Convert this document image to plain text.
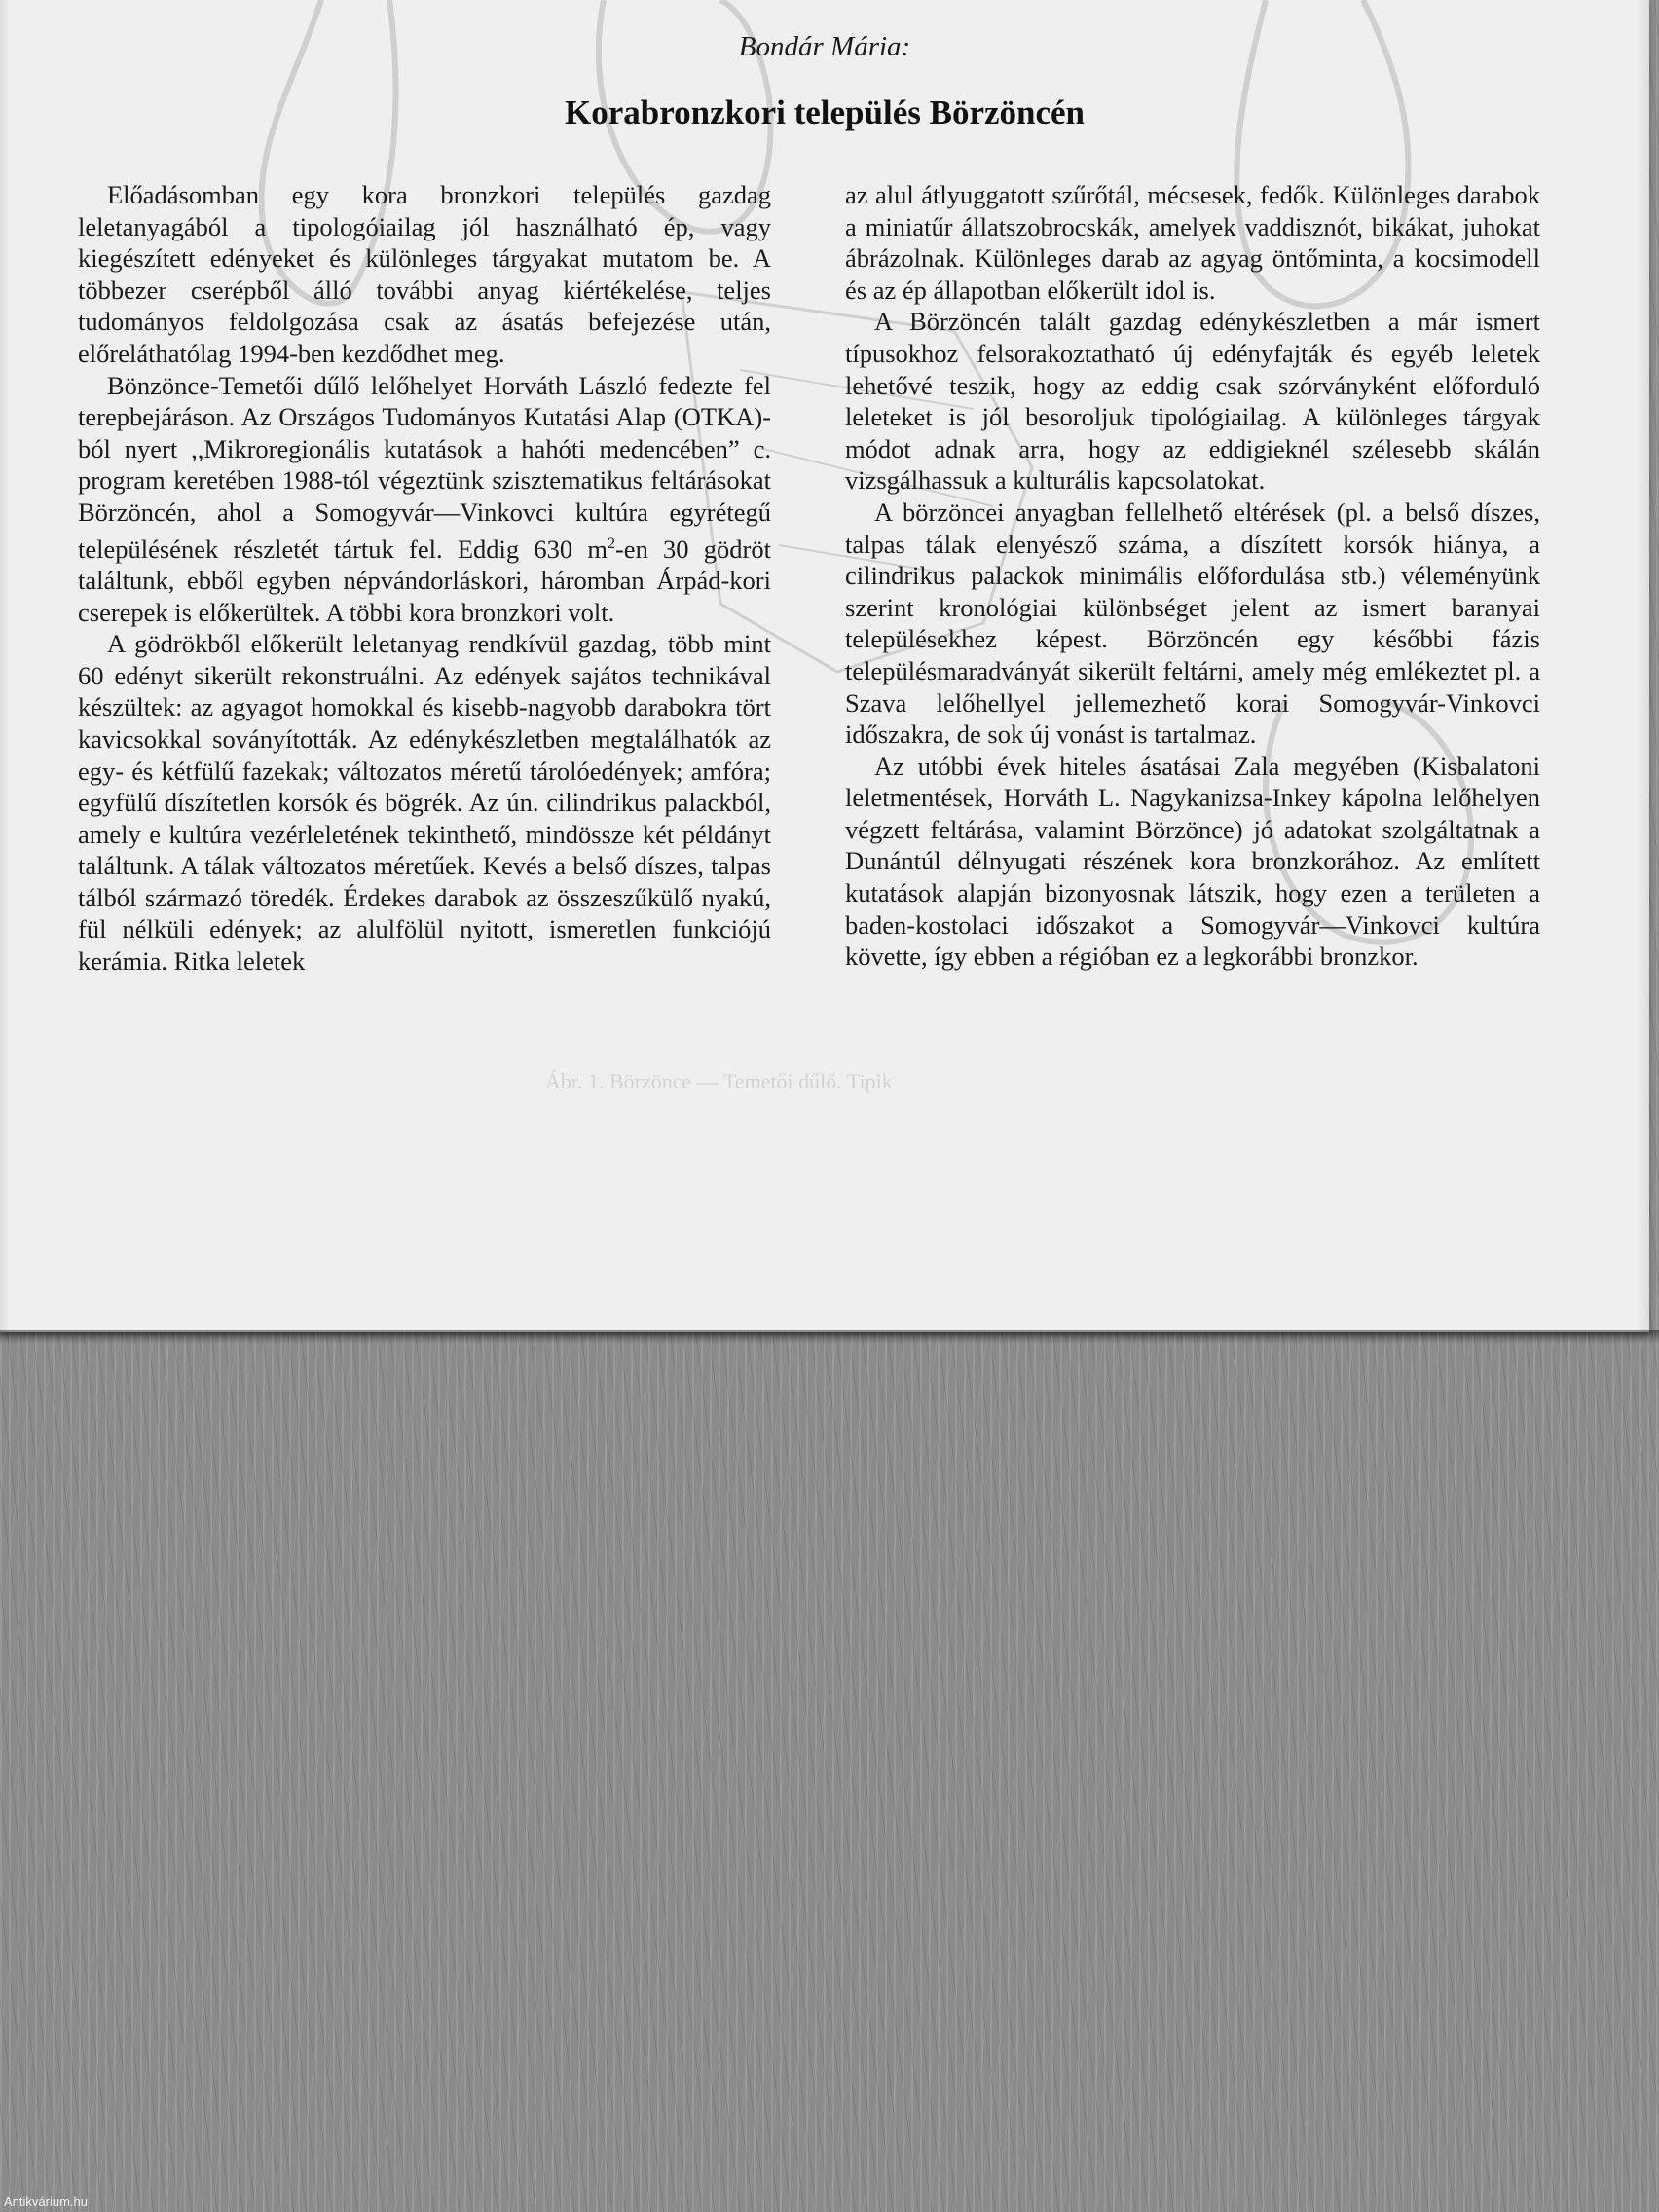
Bondár Mária:
Korabronzkori település Börzöncén

Előadásomban egy kora bronzkori település gazdag leletanyagából a tipologóiailag jól használható ép, vagy kiegészített edényeket és különleges tárgyakat mutatom be. A többezer cserépből álló további anyag kiértékelése, teljes tudományos feldolgozása csak az ásatás befejezése után, előreláthatólag 1994-ben kezdődhet meg.

Bönzönce-Temetői dűlő lelőhelyet Horváth László fedezte fel terepbejáráson. Az Országos Tudományos Kutatási Alap (OTKA)-ból nyert ,,Mikroregionális kutatások a hahóti medencében” c. program keretében 1988-tól végeztünk szisztematikus feltárásokat Börzöncén, ahol a Somogyvár—Vinkovci kultúra egyrétegű településének részletét tártuk fel. Eddig 630 $m^2-en$ 30 gödröt találtunk, ebből egyben népvándorláskori, háromban Árpád-kori cserepek is előkerültek. A többi kora bronzkori volt.

A gödrökből előkerült leletanyag rendkívül gazdag, több mint 60 edényt sikerült rekonstruálni. Az edények sajátos technikával készültek: az agyagot homokkal és kisebb-nagyobb darabokra tört kavicsokkal soványították. Az edénykészletben megtalálhatók az egy- és kétfülű fazekak; változatos méretű tárolóedények; amfóra; egyfülű díszítetlen korsók és bögrék. Az ún. cilindrikus palackból, amely e kultúra vezérleletének tekinthető, mindössze két példányt találtunk. A tálak változatos méretűek. Kevés a belső díszes, talpas tálból származó töredék. Érdekes darabok az összeszűkülő nyakú, fül nélküli edények; az alulfölül nyitott, ismeretlen funkciójú kerámia. Ritka leletek

az alul átlyuggatott szűrőtál, mécsesek, fedők. Különleges darabok a miniatűr állatszobrocskák, amelyek vaddisznót, bikákat, juhokat ábrázolnak. Különleges darab az agyag öntőminta, a kocsimodell és az ép állapotban előkerült idol is.

A Börzöncén talált gazdag edénykészletben a már ismert típusokhoz felsorakoztatható új edényfajták és egyéb leletek lehetővé teszik, hogy az eddig csak szórványként előforduló leleteket is jól besoroljuk tipológiailag. A különleges tárgyak módot adnak arra, hogy az eddigieknél szélesebb skálán vizsgálhassuk a kulturális kapcsolatokat.

A börzöncei anyagban fellelhető eltérések (pl. a belső díszes, talpas tálak elenyésző száma, a díszített korsók hiánya, a cilindrikus palackok minimális előfordulása stb.) véleményünk szerint kronológiai különbséget jelent az ismert baranyai településekhez képest. Börzöncén egy későbbi fázis településmaradványát sikerült feltárni, amely még emlékeztet pl. a Szava lelőhellyel jellemezhető korai Somogyvár-Vinkovci időszakra, de sok új vonást is tartalmaz.

Az utóbbi évek hiteles ásatásai Zala megyében (Kisbalatoni leletmentések, Horváth L. Nagykanizsa-Inkey kápolna lelőhelyen végzett feltárása, valamint Börzönce) jó adatokat szolgáltatnak a Dunántúl délnyugati részének kora bronzkorához. Az említett kutatások alapján bizonyosnak látszik, hogy ezen a területen a baden-kostolaci időszakot a Somogyvár—Vinkovci kultúra követte, így ebben a régióban ez a legkorábbi bronzkor.

Ábr. 1. Börzönce — Temetői dűlő. Tipik
Antikvárium.hu
